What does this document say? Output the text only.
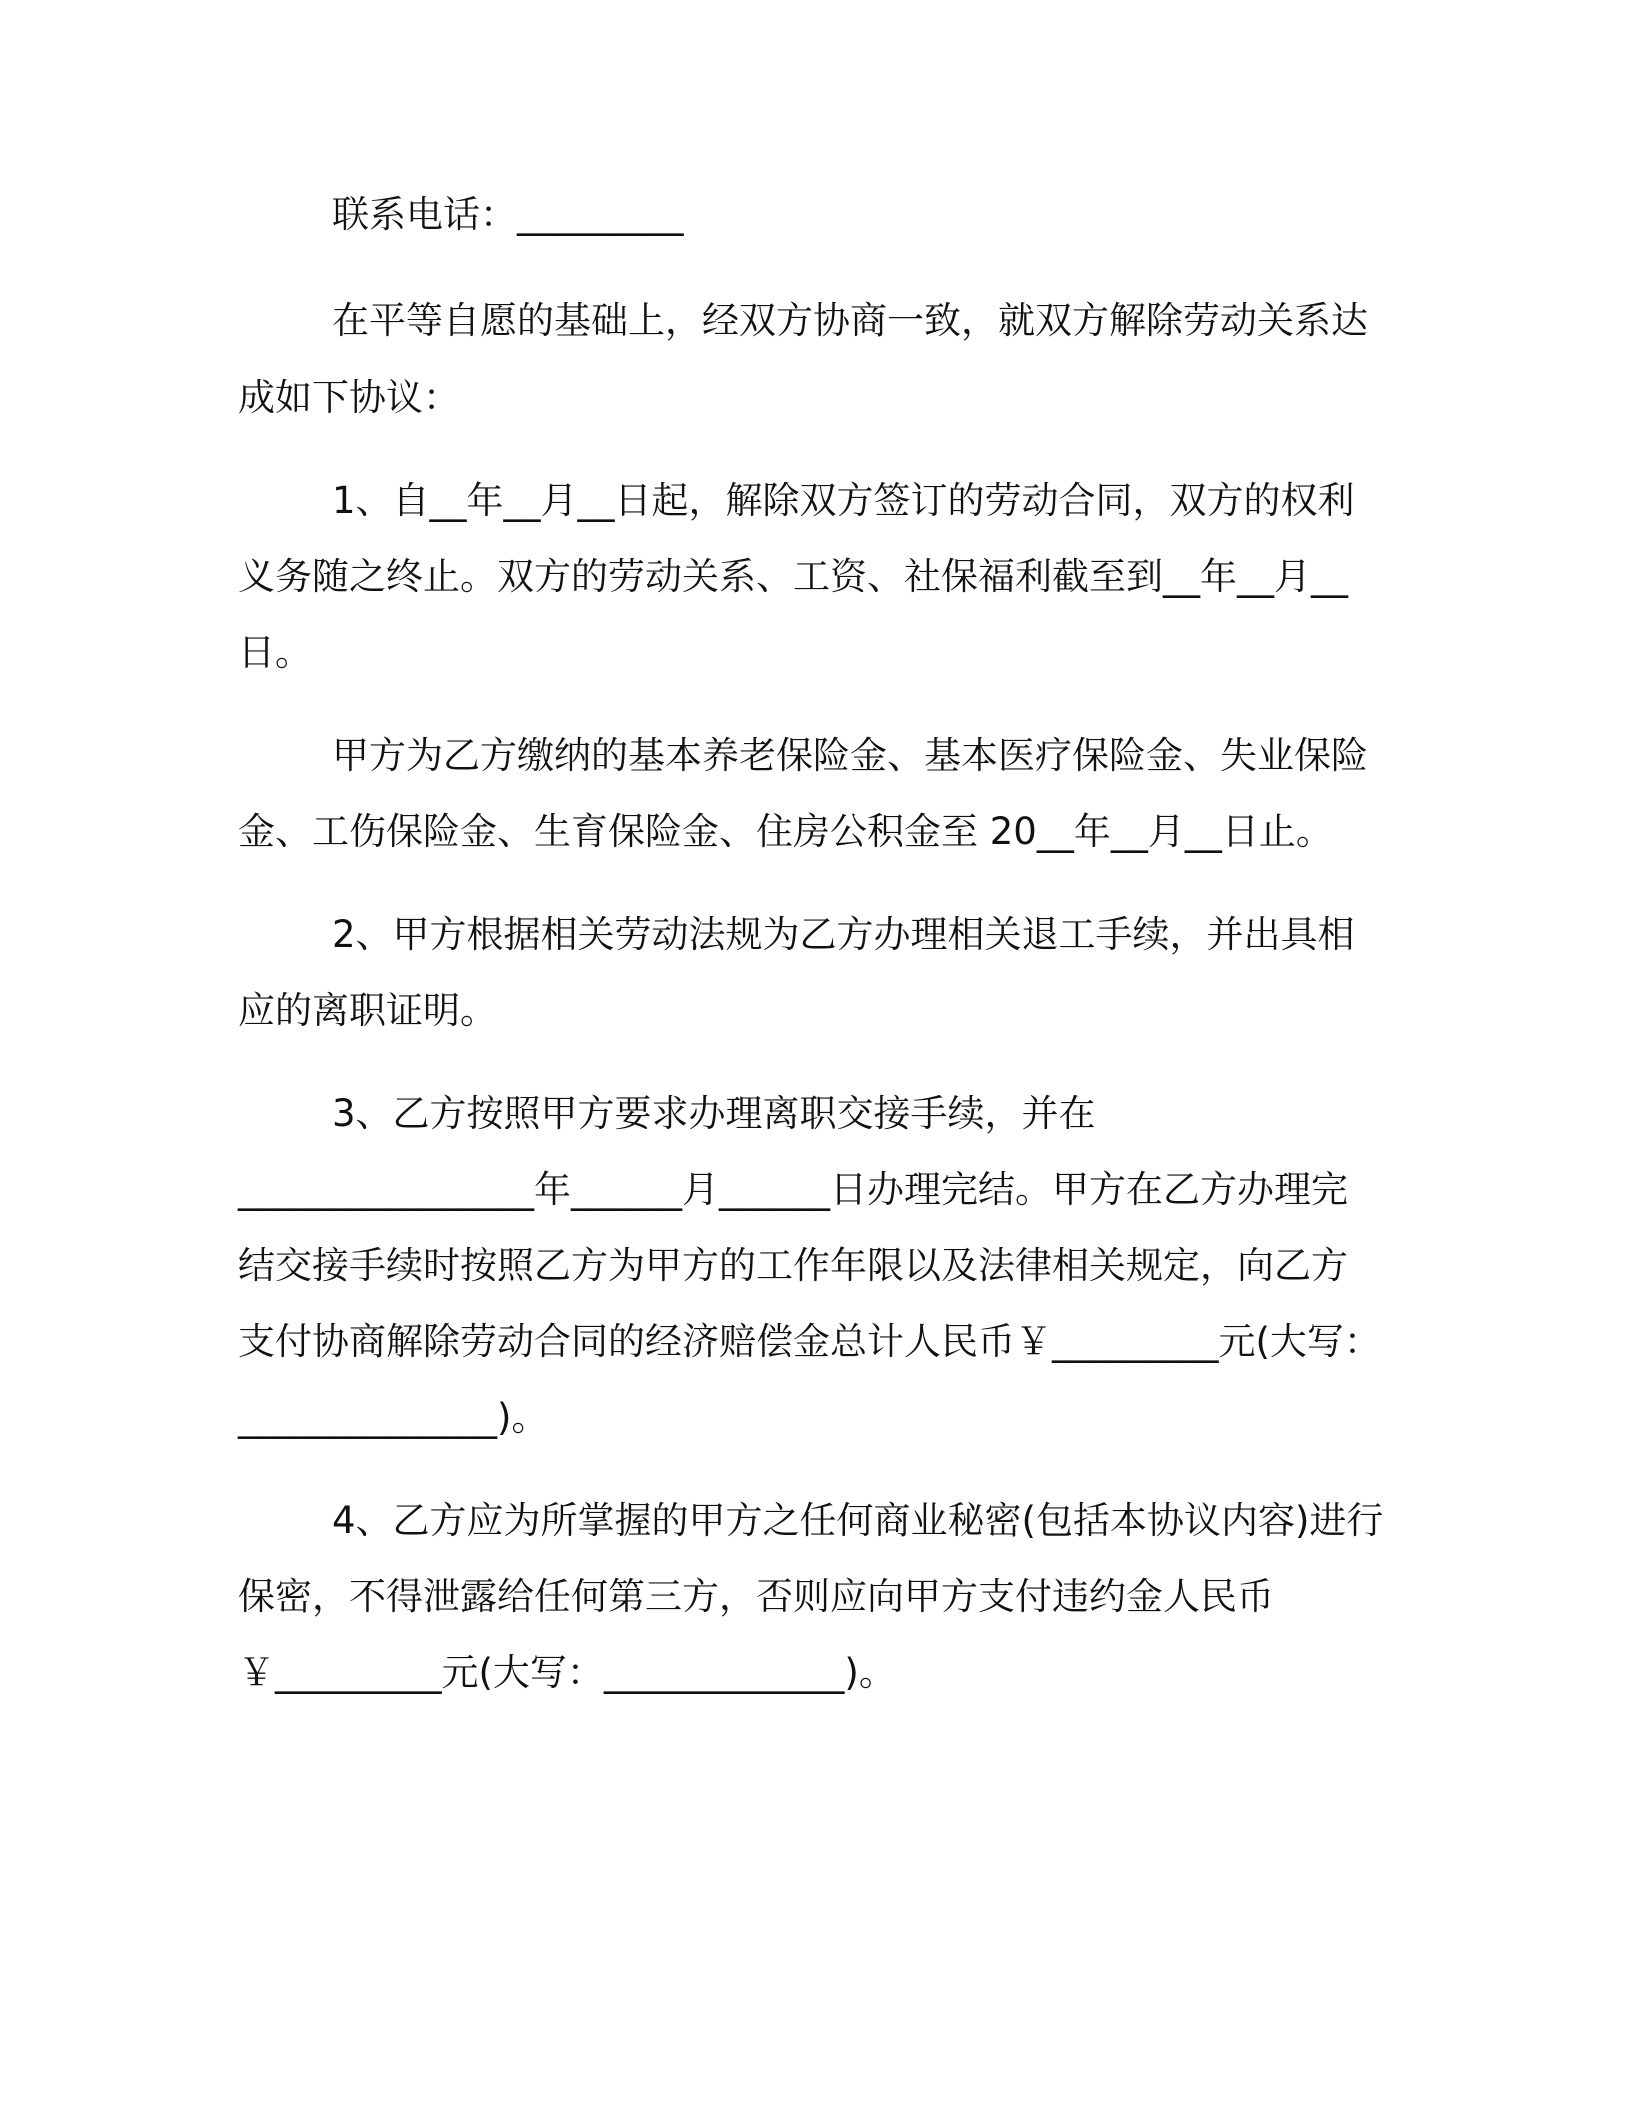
联系电话：_________
在平等自愿的基础上，经双方协商一致，就双方解除劳动关系达
成如下协议：
1、自__年__月__日起，解除双方签订的劳动合同，双方的权利
义务随之终止。双方的劳动关系、工资、社保福利截至到__年__月__
日。
甲方为乙方缴纳的基本养老保险金、基本医疗保险金、失业保险
金、工伤保险金、生育保险金、住房公积金至 20__年__月__日止。
2、甲方根据相关劳动法规为乙方办理相关退工手续，并出具相
应的离职证明。
3、乙方按照甲方要求办理离职交接手续，并在
________________年______月______日办理完结。甲方在乙方办理完
结交接手续时按照乙方为甲方的工作年限以及法律相关规定，向乙方
支付协商解除劳动合同的经济赔偿金总计人民币￥_________元(大写：
______________)。
4、乙方应为所掌握的甲方之任何商业秘密(包括本协议内容)进行
保密，不得泄露给任何第三方，否则应向甲方支付违约金人民币
￥_________元(大写：_____________)。
